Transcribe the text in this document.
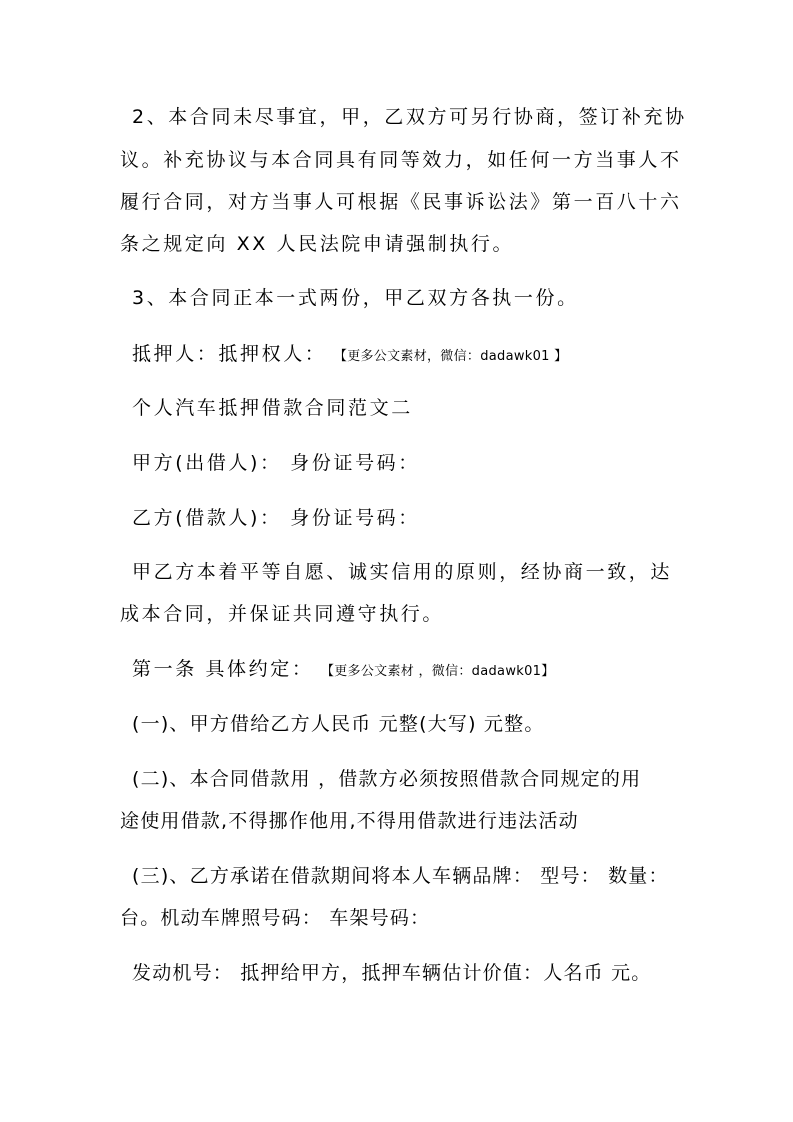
2、本合同未尽事宜，甲，乙双方可另行协商，签订补充协
议。补充协议与本合同具有同等效力，如任何一方当事人不
履行合同，对方当事人可根据《民事诉讼法》第一百八十六
条之规定向 XX 人民法院申请强制执行。
3、本合同正本一式两份，甲乙双方各执一份。
抵押人：抵押权人： 【更多公文素材，微信：dadawk01 】
个人汽车抵押借款合同范文二
甲方(出借人)： 身份证号码：
乙方(借款人)： 身份证号码：
甲乙方本着平等自愿、诚实信用的原则，经协商一致，达
成本合同，并保证共同遵守执行。
第一条 具体约定： 【更多公文素材 ，微信：dadawk01】
(一)、甲方借给乙方人民币 元整(大写) 元整。
(二)、本合同借款用 ，借款方必须按照借款合同规定的用
途使用借款,不得挪作他用,不得用借款进行违法活动
(三)、乙方承诺在借款期间将本人车辆品牌： 型号： 数量：
台。机动车牌照号码： 车架号码：
发动机号： 抵押给甲方，抵押车辆估计价值：人名币 元。
